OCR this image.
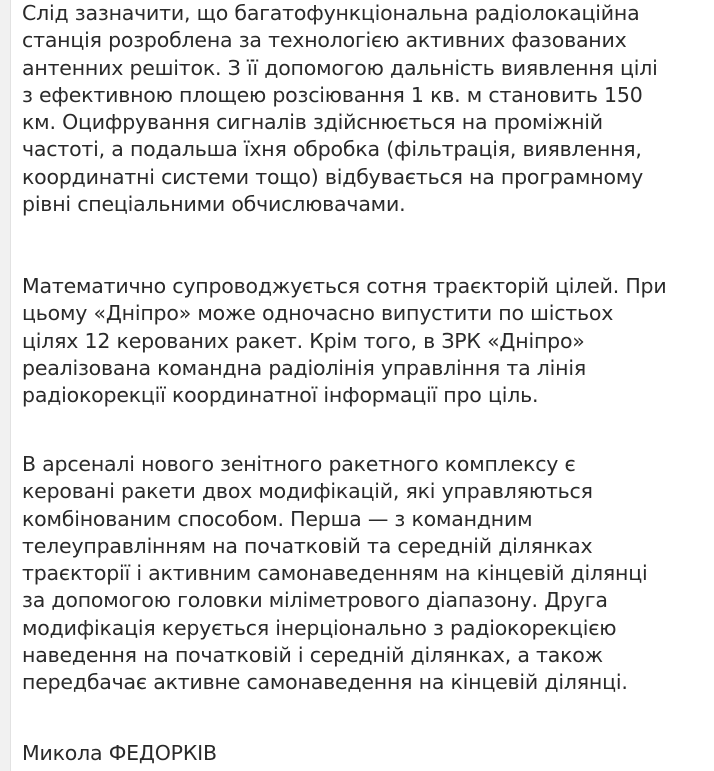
Слід зазначити, що багатофункціональна радіолокаційна
станція розроблена за технологією активних фазованих
антенних решіток. З її допомогою дальність виявлення цілі
з ефективною площею розсіювання 1 кв. м становить 150
км. Оцифрування сигналів здійснюється на проміжній
частоті, а подальша їхня обробка (фільтрація, виявлення,
координатні системи тощо) відбувається на програмному
рівні спеціальними обчислювачами.
Математично супроводжується сотня траєкторій цілей. При
цьому «Дніпро» може одночасно випустити по шістьох
цілях 12 керованих ракет. Крім того, в ЗРК «Дніпро»
реалізована командна радіолінія управління та лінія
радіокорекції координатної інформації про ціль.
В арсеналі нового зенітного ракетного комплексу є
керовані ракети двох модифікацій, які управляються
комбінованим способом. Перша — з командним
телеуправлінням на початковій та середній ділянках
траєкторії і активним самонаведенням на кінцевій ділянці
за допомогою головки міліметрового діапазону. Друга
модифікація керується інерціонально з радіокорекцією
наведення на початковій і середній ділянках, а також
передбачає активне самонаведення на кінцевій ділянці.
Микола ФЕДОРКІВ
